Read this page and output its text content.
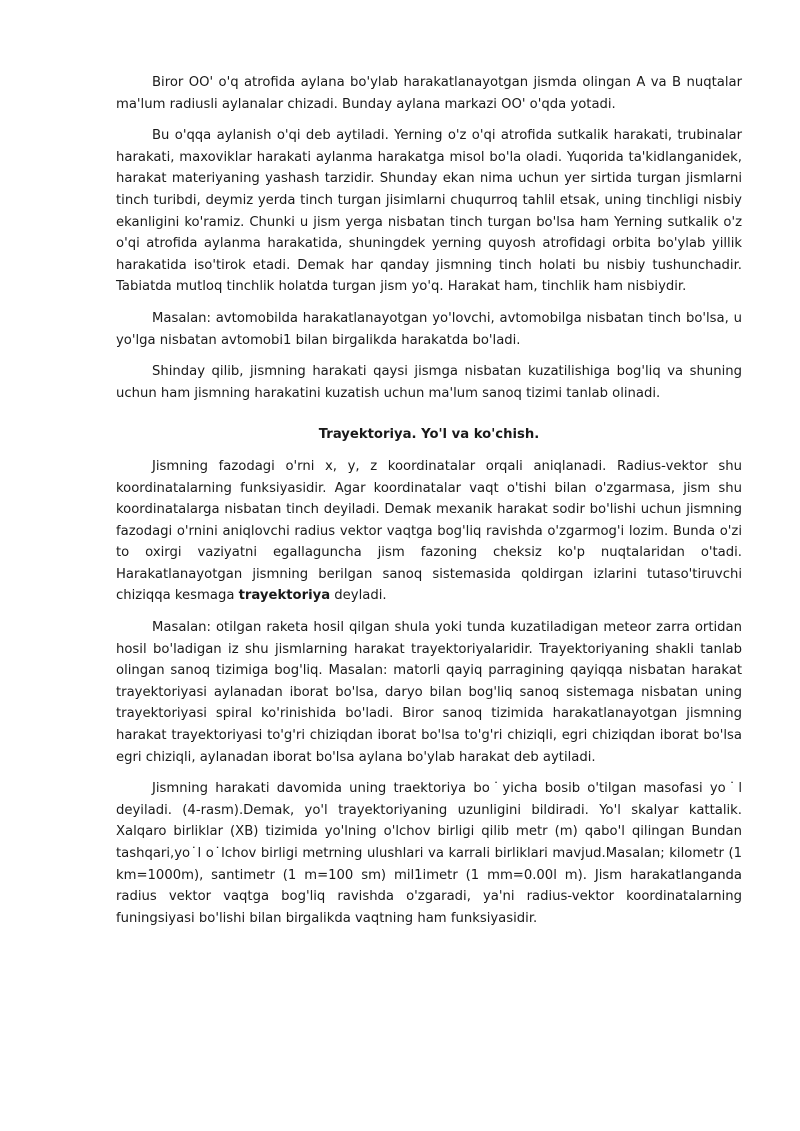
Biror OO' o'q atrofida aylana bo'ylab harakatlanayotgan jismda olingan A va B nuqtalar ma'lum radiusli aylanalar chizadi. Bunday aylana markazi OO' o'qda yotadi.

Bu o'qqa aylanish o'qi deb aytiladi. Yerning o'z o'qi atrofida sutkalik harakati, trubinalar harakati, maxoviklar harakati aylanma harakatga misol bo'la oladi. Yuqorida ta'kidlanganidek, harakat materiyaning yashash tarzidir. Shunday ekan nima uchun yer sirtida turgan jismlarni tinch turibdi, deymiz yerda tinch turgan jisimlarni chuqurroq tahlil etsak, uning tinchligi nisbiy ekanligini ko'ramiz. Chunki u jism yerga nisbatan tinch turgan bo'lsa ham Yerning sutkalik o'z o'qi atrofida aylanma harakatida, shuningdek yerning quyosh atrofidagi orbita bo'ylab yillik harakatida iso'tirok etadi. Demak har qanday jismning tinch holati bu nisbiy tushunchadir. Tabiatda mutloq tinchlik holatda turgan jism yo'q. Harakat ham, tinchlik ham nisbiydir.

Masalan: avtomobilda harakatlanayotgan yo'lovchi, avtomobilga nisbatan tinch bo'lsa, u yo'lga nisbatan avtomobi1 bilan birgalikda harakatda bo'ladi.

Shinday qilib, jismning harakati qaysi jismga nisbatan kuzatilishiga bog'liq va shuning uchun ham jismning harakatini kuzatish uchun ma'lum sanoq tizimi tanlab olinadi.

Trayektoriya. Yo'l va ko'chish.

Jismning fazodagi o'rni x, y, z koordinatalar orqali aniqlanadi. Radius-vektor shu koordinatalarning funksiyasidir. Agar koordinatalar vaqt o'tishi bilan o'zgarmasa, jism shu koordinatalarga nisbatan tinch deyiladi. Demak mexanik harakat sodir bo'lishi uchun jismning fazodagi o'rnini aniqlovchi radius vektor vaqtga bog'liq ravishda o'zgarmog'i lozim. Bunda o'zi to oxirgi vaziyatni egallaguncha jism fazoning cheksiz ko'p nuqtalaridan o'tadi. Harakatlanayotgan jismning berilgan sanoq sistemasida qoldirgan izlarini tutaso'tiruvchi chiziqqa kesmaga trayektoriya deyladi.

Masalan: otilgan raketa hosil qilgan shula yoki tunda kuzatiladigan meteor zarra ortidan hosil bo'ladigan iz shu jismlarning harakat trayektoriyalaridir. Trayektoriyaning shakli tanlab olingan sanoq tizimiga bog'liq. Masalan: matorli qayiq parragining qayiqqa nisbatan harakat trayektoriyasi aylanadan iborat bo'lsa, daryo bilan bog'liq sanoq sistemaga nisbatan uning trayektoriyasi spiral ko'rinishida bo'ladi. Biror sanoq tizimida harakatlanayotgan jismning harakat trayektoriyasi to'g'ri chiziqdan iborat bo'lsa to'g'ri chiziqli, egri chiziqdan iborat bo'lsa egri chiziqli, aylanadan iborat bo'lsa aylana bo'ylab harakat deb aytiladi.

Jismning harakati davomida uning traektoriya bo˙yicha bosib o'tilgan masofasi yo˙l deyiladi. (4-rasm).Demak, yo'l trayektoriyaning uzunligini bildiradi. Yo'l skalyar kattalik. Xalqaro birliklar (XB) tizimida yo'lning o'lchov birligi qilib metr (m) qabo'l qilingan Bundan tashqari,yo˙l o˙lchov birligi metrning ulushlari va karrali birliklari mavjud.Masalan; kilometr (1 km=1000m), santimetr (1 m=100 sm) mil1imetr (1 mm=0.00l m). Jism harakatlanganda radius vektor vaqtga bog'liq ravishda o'zgaradi, ya'ni radius-vektor koordinatalarning funingsiyasi bo'lishi bilan birgalikda vaqtning ham funksiyasidir.
